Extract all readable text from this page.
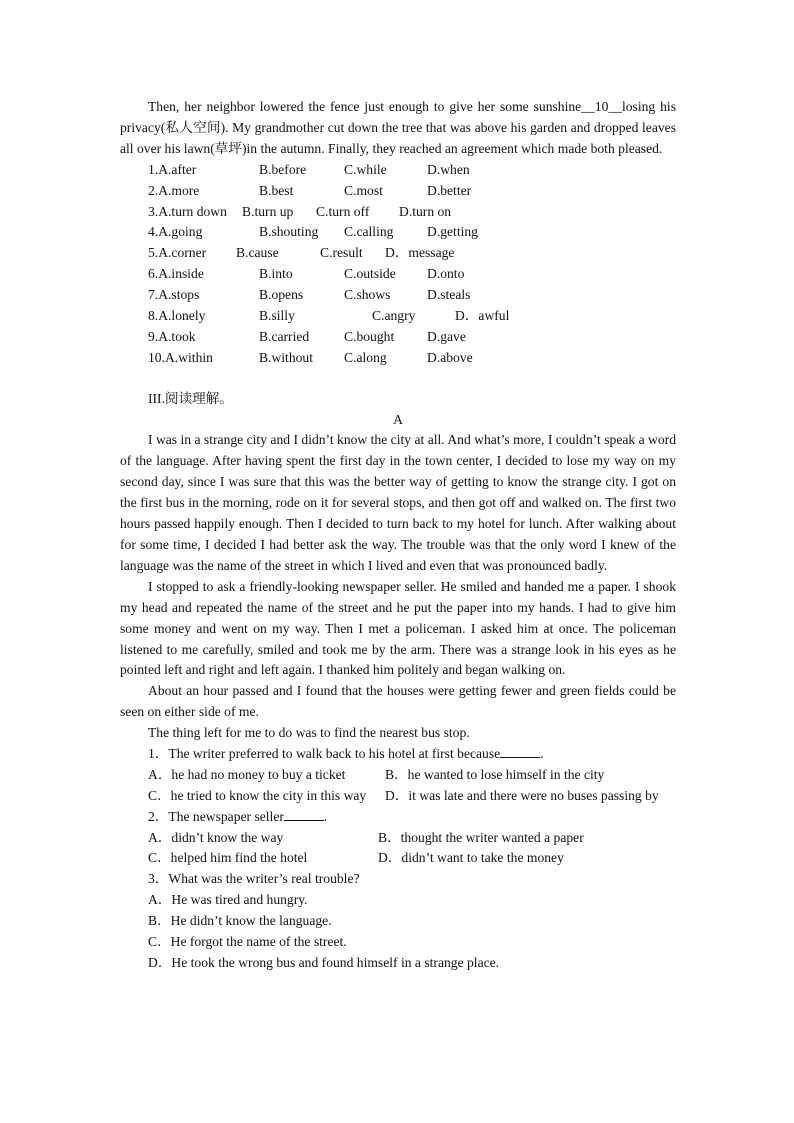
Then, her neighbor lowered the fence just enough to give her some sunshine__10__losing his privacy(私人空间). My grandmother cut down the tree that was above his garden and dropped leaves all over his lawn(草坪)in the autumn. Finally, they reached an agreement which made both pleased.

1.A.after	B.before	C.while	D.when
2.A.more	B.best	C.most	D.better
3.A.turn down B.turn up C.turn off D.turn on
4.A.going	B.shouting C.calling D.getting
5.A.corner B.cause	C.result D．message
6.A.inside	B.into	C.outside D.onto
7.A.stops	B.opens	C.shows	D.steals
8.A.lonely	B.silly	C.angry	D．awful
9.A.took	B.carried	C.bought D.gave
10.A.within	B.without C.along	D.above
III.阅读理解。

A

I was in a strange city and I didn’t know the city at all. And what’s more, I couldn’t speak a word of the language. After having spent the first day in the town center, I decided to lose my way on my second day, since I was sure that this was the better way of getting to know the strange city. I got on the first bus in the morning, rode on it for several stops, and then got off and walked on. The first two hours passed happily enough. Then I decided to turn back to my hotel for lunch. After walking about for some time, I decided I had better ask the way. The trouble was that the only word I knew of the language was the name of the street in which I lived and even that was pronounced badly.

I stopped to ask a friendly-looking newspaper seller. He smiled and handed me a paper. I shook my head and repeated the name of the street and he put the paper into my hands. I had to give him some money and went on my way. Then I met a policeman. I asked him at once. The policeman listened to me carefully, smiled and took me by the arm. There was a strange look in his eyes as he pointed left and right and left again. I thanked him politely and began walking on.

About an hour passed and I found that the houses were getting fewer and green fields could be seen on either side of me.

The thing left for me to do was to find the nearest bus stop.

1．The writer preferred to walk back to his hotel at first because	.
A．he had no money to buy a ticket	B．he wanted to lose himself in the city
C．he tried to know the city in this way D．it was late and there were no buses passing by
2．The newspaper seller	.
A．didn’t know the way	B．thought the writer wanted a paper
C．helped him find the hotel	D．didn’t want to take the money
3．What was the writer’s real trouble?
A．He was tired and hungry.
B．He didn’t know the language.
C．He forgot the name of the street.
D．He took the wrong bus and found himself in a strange place.
